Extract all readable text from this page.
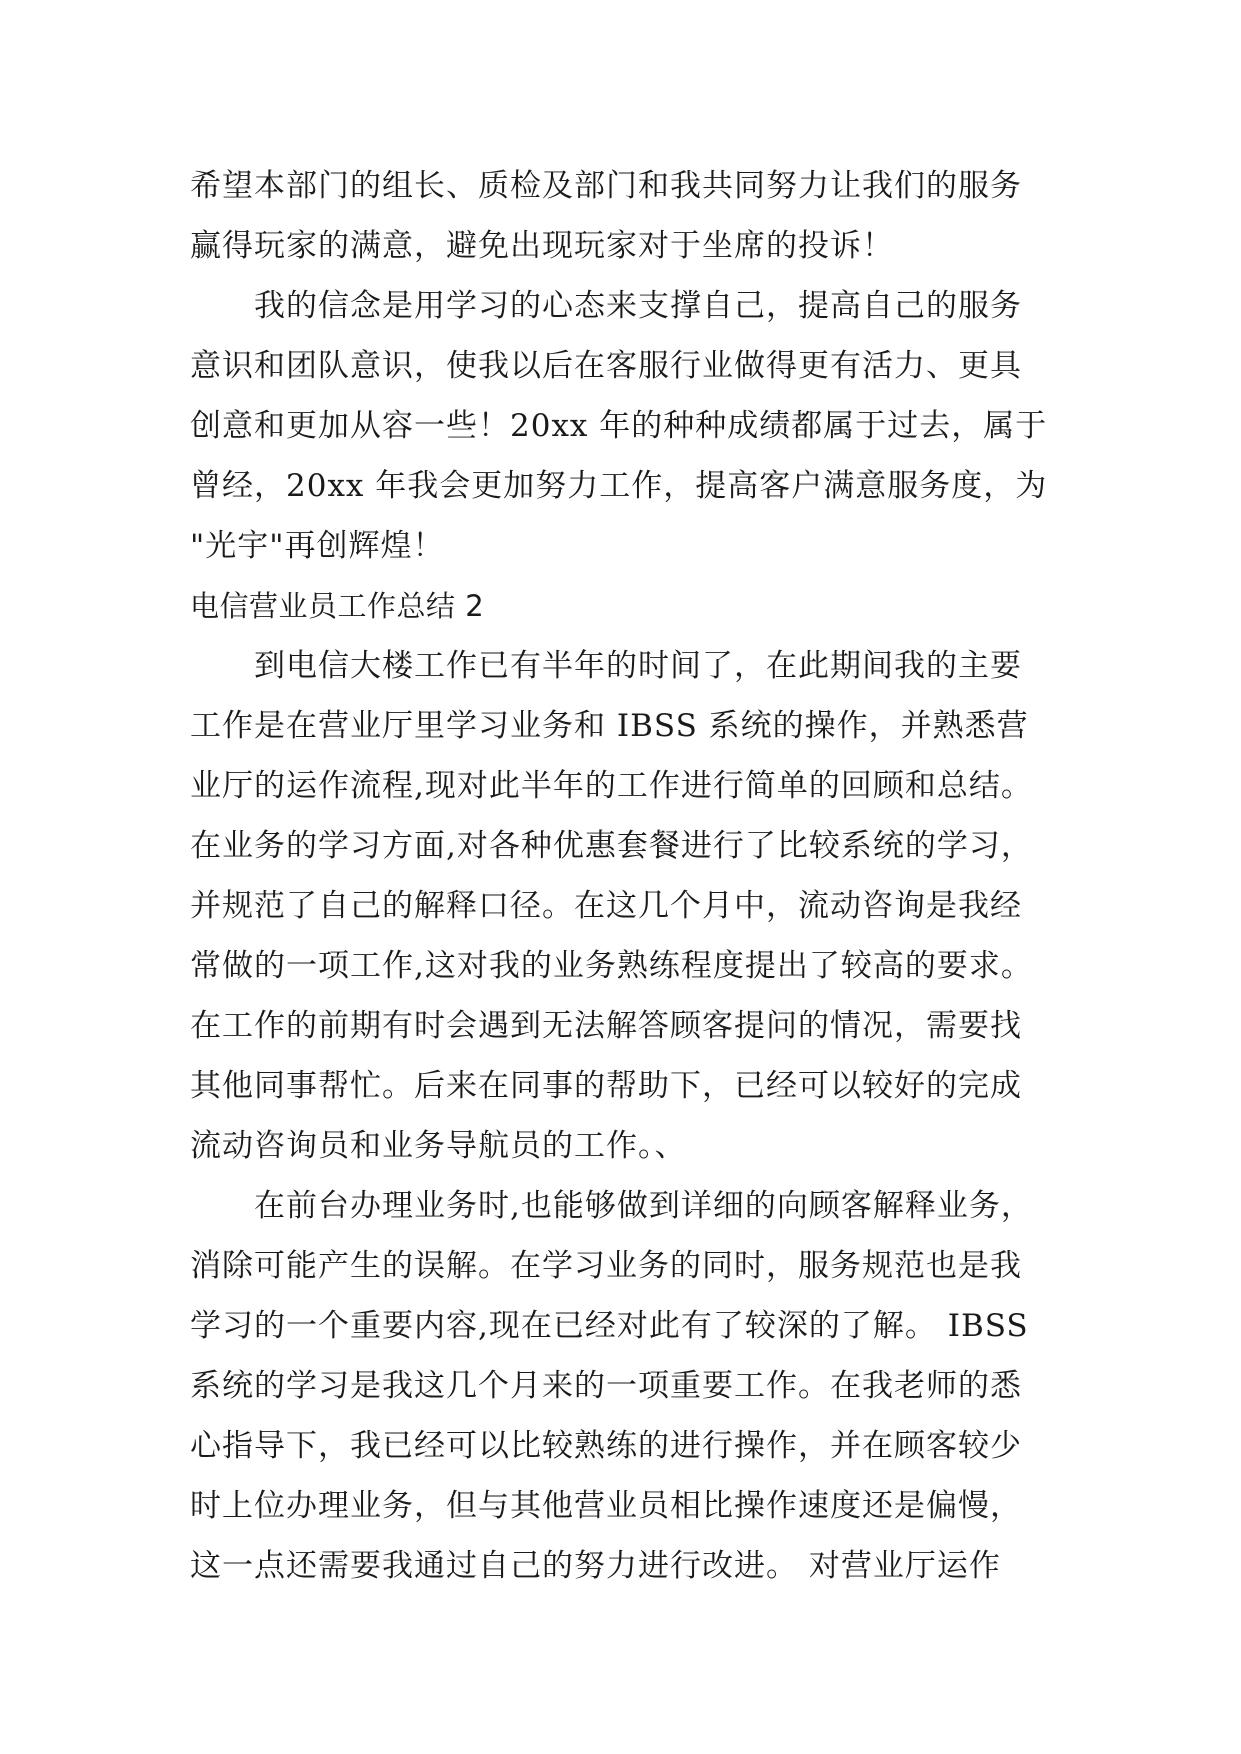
希望本部门的组长、质检及部门和我共同努力让我们的服务
赢得玩家的满意，避免出现玩家对于坐席的投诉！

我的信念是用学习的心态来支撑自己，提高自己的服务
意识和团队意识，使我以后在客服行业做得更有活力、更具
创意和更加从容一些！20xx 年的种种成绩都属于过去，属于
曾经，20xx 年我会更加努力工作，提高客户满意服务度，为
"光宇"再创辉煌！

电信营业员工作总结 2

到电信大楼工作已有半年的时间了，在此期间我的主要
工作是在营业厅里学习业务和 IBSS 系统的操作，并熟悉营
业厅的运作流程,现对此半年的工作进行简单的回顾和总结。
在业务的学习方面,对各种优惠套餐进行了比较系统的学习，
并规范了自己的解释口径。在这几个月中，流动咨询是我经
常做的一项工作,这对我的业务熟练程度提出了较高的要求。
在工作的前期有时会遇到无法解答顾客提问的情况，需要找
其他同事帮忙。后来在同事的帮助下，已经可以较好的完成
流动咨询员和业务导航员的工作。、

在前台办理业务时,也能够做到详细的向顾客解释业务，
消除可能产生的误解。在学习业务的同时，服务规范也是我
学习的一个重要内容,现在已经对此有了较深的了解。 IBSS
系统的学习是我这几个月来的一项重要工作。在我老师的悉
心指导下，我已经可以比较熟练的进行操作，并在顾客较少
时上位办理业务，但与其他营业员相比操作速度还是偏慢，
这一点还需要我通过自己的努力进行改进。 对营业厅运作
